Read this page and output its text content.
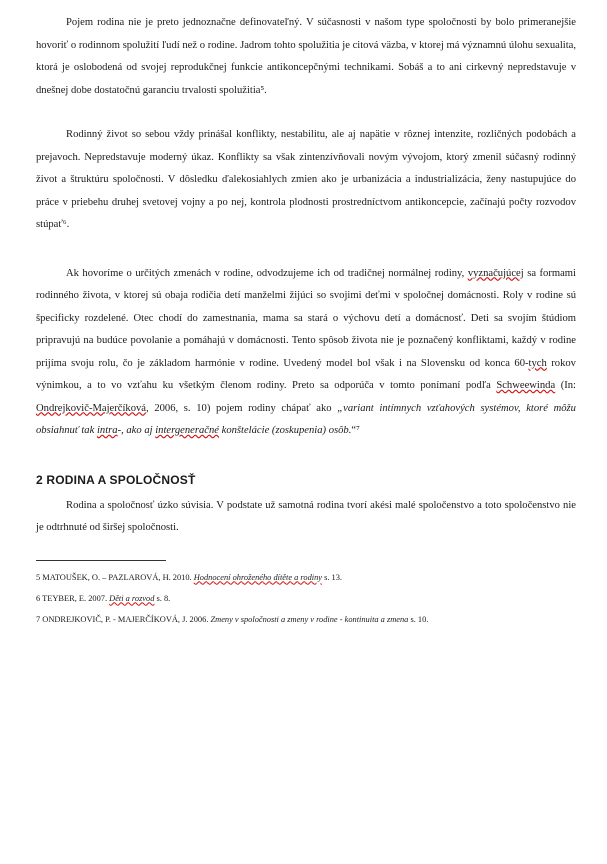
Pojem rodina nie je preto jednoznačne definovateľný. V súčasnosti v našom type spoločnosti by bolo primeranejšie hovoriť o rodinnom spolužití ľudí než o rodine. Jadrom tohto spolužitia je citová väzba, v ktorej má významnú úlohu sexualita, ktorá je oslobodená od svojej reprodukčnej funkcie antikoncepčnými technikami. Sobáš a to ani cirkevný nepredstavuje v dnešnej dobe dostatočnú garanciu trvalosti spolužitia⁵.

Rodinný život so sebou vždy prinášal konflikty, nestabilitu, ale aj napätie v rôznej intenzite, rozličných podobách a prejavoch. Nepredstavuje moderný úkaz. Konflikty sa však zintenzívňovali novým vývojom, ktorý zmenil súčasný rodinný život a štruktúru spoločnosti. V dôsledku ďalekosiahlych zmien ako je urbanizácia a industrializácia, ženy nastupujúce do práce v priebehu druhej svetovej vojny a po nej, kontrola plodnosti prostredníctvom antikoncepcie, začínajú počty rozvodov stúpať⁶.

Ak hovoríme o určitých zmenách v rodine, odvodzujeme ich od tradičnej normálnej rodiny, vyznačujúcej sa formami rodinného života, v ktorej sú obaja rodičia detí manželmi žijúci so svojimi deťmi v spoločnej domácnosti. Roly v rodine sú špecificky rozdelené. Otec chodí do zamestnania, mama sa stará o výchovu detí a domácnosť. Deti sa svojím štúdiom pripravujú na budúce povolanie a pomáhajú v domácnosti. Tento spôsob života nie je poznačený konfliktami, každý v rodine prijíma svoju rolu, čo je základom harmónie v rodine. Uvedený model bol však i na Slovensku od konca 60-tych rokov výnimkou, a to vo vzťahu ku všetkým členom rodiny. Preto sa odporúča v tomto ponímaní podľa Schweewinda (In: Ondrejkovič-Majerčíková, 2006, s. 10) pojem rodiny chápať ako „variant intímnych vzťahových systémov, ktoré môžu obsiahnuť tak intra-, ako aj intergeneračné konštelácie (zoskupenia) osôb.“⁷

2 RODINA A SPOLOČNOSŤ

Rodina a spoločnosť úzko súvisia. V podstate už samotná rodina tvorí akési malé spoločenstvo a toto spoločenstvo nie je odtrhnuté od širšej spoločnosti.

5 MATOUŠEK, O. – PAZLAROVÁ, H. 2010. Hodnocení ohroženého dítěte a rodiny s. 13.

6 TEYBER, E. 2007. Děti a rozvod s. 8.

7 ONDREJKOVIČ, P. - MAJERČÍKOVÁ, J. 2006. Zmeny v spoločnosti a zmeny v rodine - kontinuita a zmena s. 10.
